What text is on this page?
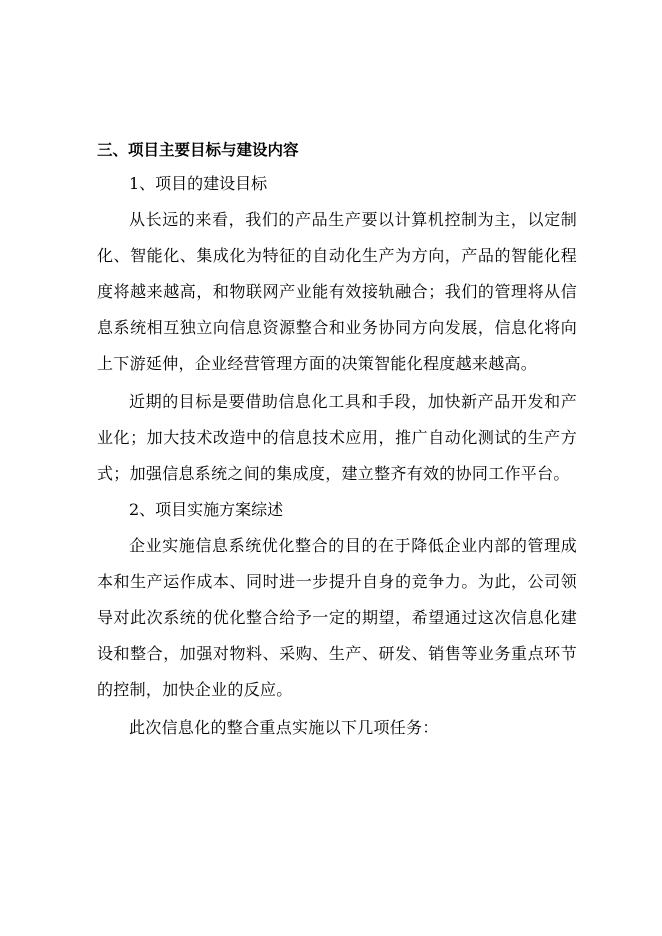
三、项目主要目标与建设内容

1、项目的建设目标

从长远的来看，我们的产品生产要以计算机控制为主，以定制化、智能化、集成化为特征的自动化生产为方向，产品的智能化程度将越来越高，和物联网产业能有效接轨融合；我们的管理将从信息系统相互独立向信息资源整合和业务协同方向发展，信息化将向上下游延伸，企业经营管理方面的决策智能化程度越来越高。

近期的目标是要借助信息化工具和手段，加快新产品开发和产业化；加大技术改造中的信息技术应用，推广自动化测试的生产方式；加强信息系统之间的集成度，建立整齐有效的协同工作平台。

2、项目实施方案综述

企业实施信息系统优化整合的目的在于降低企业内部的管理成本和生产运作成本、同时进一步提升自身的竞争力。为此，公司领导对此次系统的优化整合给予一定的期望，希望通过这次信息化建设和整合，加强对物料、采购、生产、研发、销售等业务重点环节的控制，加快企业的反应。

此次信息化的整合重点实施以下几项任务：
